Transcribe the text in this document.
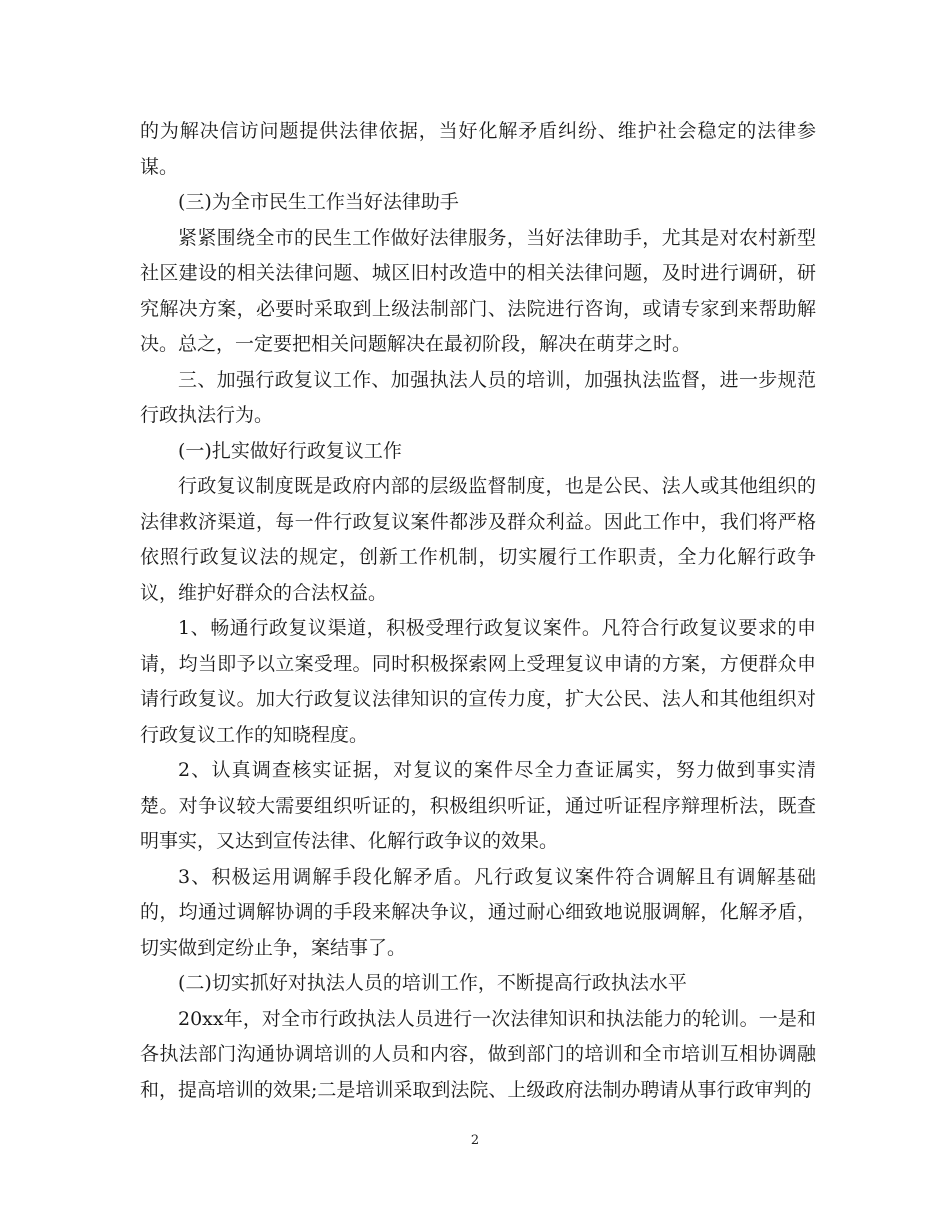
的为解决信访问题提供法律依据，当好化解矛盾纠纷、维护社会稳定的法律参谋。

(三)为全市民生工作当好法律助手

紧紧围绕全市的民生工作做好法律服务，当好法律助手，尤其是对农村新型社区建设的相关法律问题、城区旧村改造中的相关法律问题，及时进行调研，研究解决方案，必要时采取到上级法制部门、法院进行咨询，或请专家到来帮助解决。总之，一定要把相关问题解决在最初阶段，解决在萌芽之时。

三、加强行政复议工作、加强执法人员的培训，加强执法监督，进一步规范行政执法行为。

(一)扎实做好行政复议工作

行政复议制度既是政府内部的层级监督制度，也是公民、法人或其他组织的法律救济渠道，每一件行政复议案件都涉及群众利益。因此工作中，我们将严格依照行政复议法的规定，创新工作机制，切实履行工作职责，全力化解行政争议，维护好群众的合法权益。

1、畅通行政复议渠道，积极受理行政复议案件。凡符合行政复议要求的申请，均当即予以立案受理。同时积极探索网上受理复议申请的方案，方便群众申请行政复议。加大行政复议法律知识的宣传力度，扩大公民、法人和其他组织对行政复议工作的知晓程度。

2、认真调查核实证据，对复议的案件尽全力查证属实，努力做到事实清楚。对争议较大需要组织听证的，积极组织听证，通过听证程序辩理析法，既查明事实，又达到宣传法律、化解行政争议的效果。

3、积极运用调解手段化解矛盾。凡行政复议案件符合调解且有调解基础的，均通过调解协调的手段来解决争议，通过耐心细致地说服调解，化解矛盾，切实做到定纷止争，案结事了。

(二)切实抓好对执法人员的培训工作，不断提高行政执法水平

20xx年，对全市行政执法人员进行一次法律知识和执法能力的轮训。一是和各执法部门沟通协调培训的人员和内容，做到部门的培训和全市培训互相协调融和，提高培训的效果;二是培训采取到法院、上级政府法制办聘请从事行政审判的

2
